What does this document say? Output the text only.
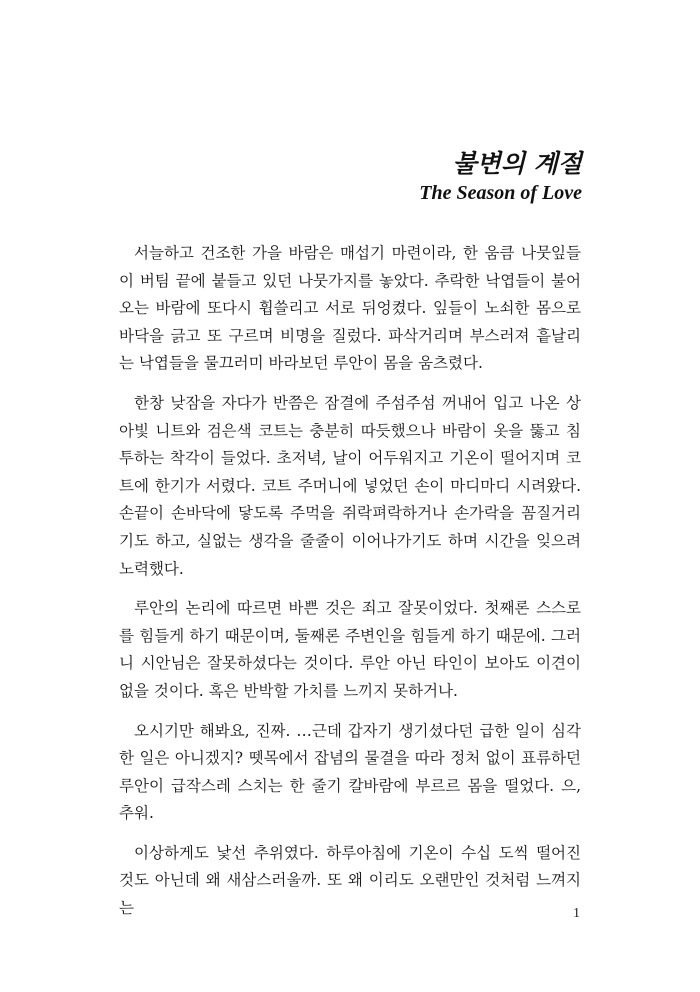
불변의 계절
The Season of Love

서늘하고 건조한 가을 바람은 매섭기 마련이라, 한 움큼 나뭇잎들이 버팀 끝에 붙들고 있던 나뭇가지를 놓았다. 추락한 낙엽들이 불어오는 바람에 또다시 휩쓸리고 서로 뒤엉켰다. 잎들이 노쇠한 몸으로 바닥을 긁고 또 구르며 비명을 질렀다. 파삭거리며 부스러져 흩날리는 낙엽들을 물끄러미 바라보던 루안이 몸을 움츠렸다.

한창 낮잠을 자다가 반쯤은 잠결에 주섬주섬 꺼내어 입고 나온 상아빛 니트와 검은색 코트는 충분히 따듯했으나 바람이 옷을 뚫고 침투하는 착각이 들었다. 초저녁, 날이 어두워지고 기온이 떨어지며 코트에 한기가 서렸다. 코트 주머니에 넣었던 손이 마디마디 시려왔다. 손끝이 손바닥에 닿도록 주먹을 쥐락펴락하거나 손가락을 꼼질거리기도 하고, 실없는 생각을 줄줄이 이어나가기도 하며 시간을 잊으려 노력했다.

루안의 논리에 따르면 바쁜 것은 죄고 잘못이었다. 첫째론 스스로를 힘들게 하기 때문이며, 둘째론 주변인을 힘들게 하기 때문에. 그러니 시안님은 잘못하셨다는 것이다. 루안 아닌 타인이 보아도 이견이 없을 것이다. 혹은 반박할 가치를 느끼지 못하거나.

오시기만 해봐요, 진짜. …근데 갑자기 생기셨다던 급한 일이 심각한 일은 아니겠지? 뗏목에서 잡념의 물결을 따라 정처 없이 표류하던 루안이 급작스레 스치는 한 줄기 칼바람에 부르르 몸을 떨었다. 으, 추워.

이상하게도 낯선 추위였다. 하루아침에 기온이 수십 도씩 떨어진 것도 아닌데 왜 새삼스러울까. 또 왜 이리도 오랜만인 것처럼 느껴지는	1
